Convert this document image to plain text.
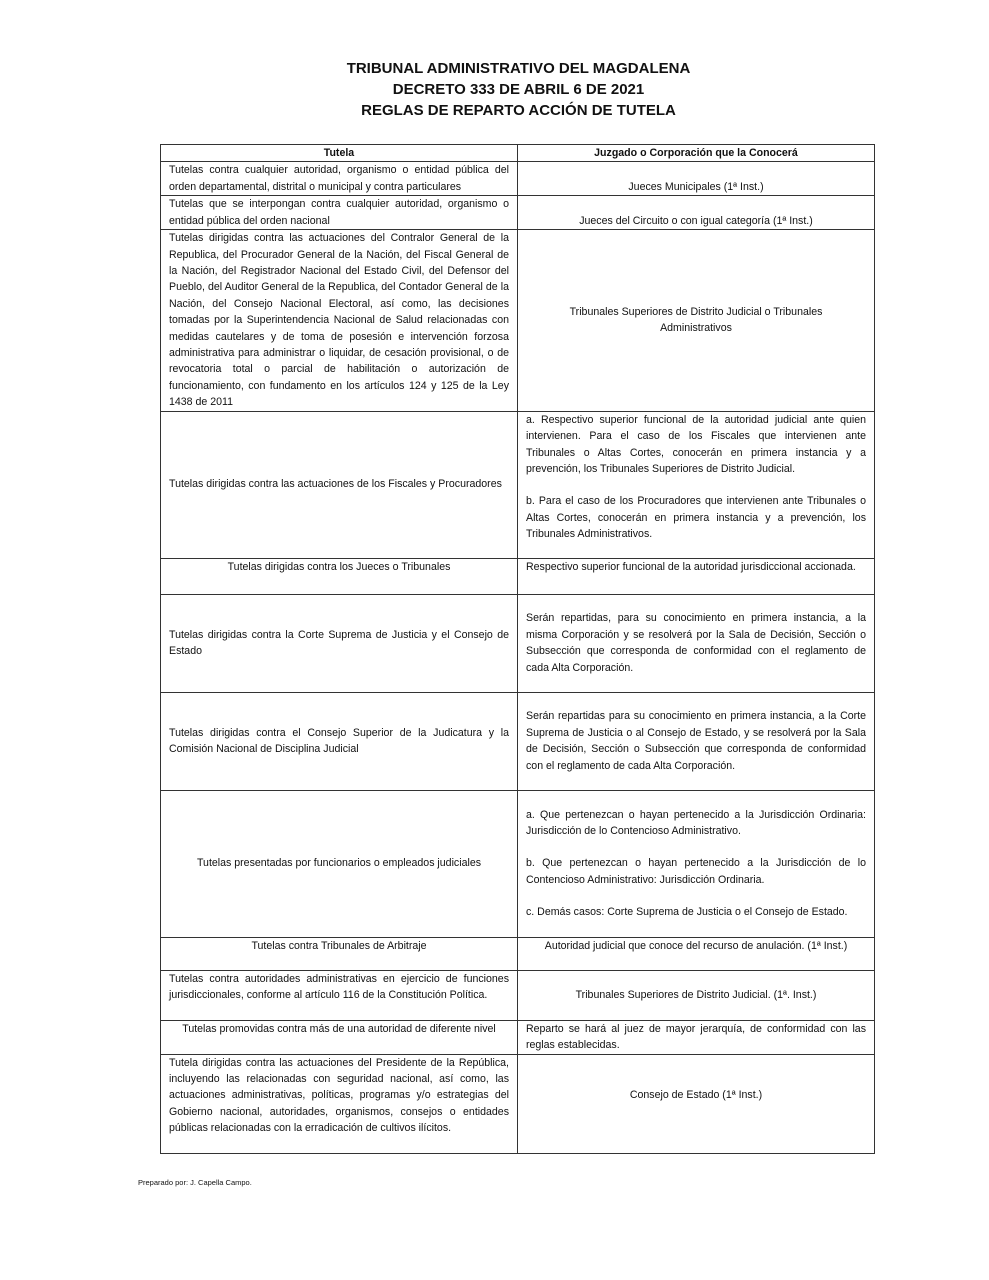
TRIBUNAL ADMINISTRATIVO DEL MAGDALENA
DECRETO 333 DE ABRIL 6 DE 2021
REGLAS DE REPARTO ACCIÓN DE TUTELA
Tutela	Juzgado o Corporación que la Conocerá
Tutelas contra cualquier autoridad, organismo o entidad pública del orden departamental, distrital o municipal y contra particulares	Jueces Municipales (1ª Inst.)
Tutelas que se interpongan contra cualquier autoridad, organismo o entidad pública del orden nacional	Jueces del Circuito o con igual categoría (1ª Inst.)
Tutelas dirigidas contra las actuaciones del Contralor General de la Republica, del Procurador General de la Nación, del Fiscal General de la Nación, del Registrador Nacional del Estado Civil, del Defensor del Pueblo, del Auditor General de la Republica, del Contador General de la Nación, del Consejo Nacional Electoral, así como, las decisiones tomadas por la Superintendencia Nacional de Salud relacionadas con medidas cautelares y de toma de posesión e intervención forzosa administrativa para administrar o liquidar, de cesación provisional, o de revocatoria total o parcial de habilitación o autorización de funcionamiento, con fundamento en los artículos 124 y 125 de la Ley 1438 de 2011	Tribunales Superiores de Distrito Judicial o Tribunales Administrativos
Tutelas dirigidas contra las actuaciones de los Fiscales y Procuradores	a. Respectivo superior funcional de la autoridad judicial ante quien intervienen. Para el caso de los Fiscales que intervienen ante Tribunales o Altas Cortes, conocerán en primera instancia y a prevención, los Tribunales Superiores de Distrito Judicial.
b. Para el caso de los Procuradores que intervienen ante Tribunales o Altas Cortes, conocerán en primera instancia y a prevención, los Tribunales Administrativos.

Tutelas dirigidas contra los Jueces o Tribunales	Respectivo superior funcional de la autoridad jurisdiccional accionada.
Tutelas dirigidas contra la Corte Suprema de Justicia y el Consejo de Estado	Serán repartidas, para su conocimiento en primera instancia, a la misma Corporación y se resolverá por la Sala de Decisión, Sección o Subsección que corresponda de conformidad con el reglamento de cada Alta Corporación.
Tutelas dirigidas contra el Consejo Superior de la Judicatura y la Comisión Nacional de Disciplina Judicial	Serán repartidas para su conocimiento en primera instancia, a la Corte Suprema de Justicia o al Consejo de Estado, y se resolverá por la Sala de Decisión, Sección o Subsección que corresponda de conformidad con el reglamento de cada Alta Corporación.
Tutelas presentadas por funcionarios o empleados judiciales	a. Que pertenezcan o hayan pertenecido a la Jurisdicción Ordinaria: Jurisdicción de lo Contencioso Administrativo.
b. Que pertenezcan o hayan pertenecido a la Jurisdicción de lo Contencioso Administrativo: Jurisdicción Ordinaria.
c. Demás casos: Corte Suprema de Justicia o el Consejo de Estado.

Tutelas contra Tribunales de Arbitraje	Autoridad judicial que conoce del recurso de anulación. (1ª Inst.)
Tutelas contra autoridades administrativas en ejercicio de funciones jurisdiccionales, conforme al artículo 116 de la Constitución Política.	Tribunales Superiores de Distrito Judicial. (1ª. Inst.)
Tutelas promovidas contra más de una autoridad de diferente nivel	Reparto se hará al juez de mayor jerarquía, de conformidad con las reglas establecidas.
Tutela dirigidas contra las actuaciones del Presidente de la República, incluyendo las relacionadas con seguridad nacional, así como, las actuaciones administrativas, políticas, programas y/o estrategias del Gobierno nacional, autoridades, organismos, consejos o entidades públicas relacionadas con la erradicación de cultivos ilícitos.	Consejo de Estado (1ª Inst.)
Preparado por: J. Capella Campo.
